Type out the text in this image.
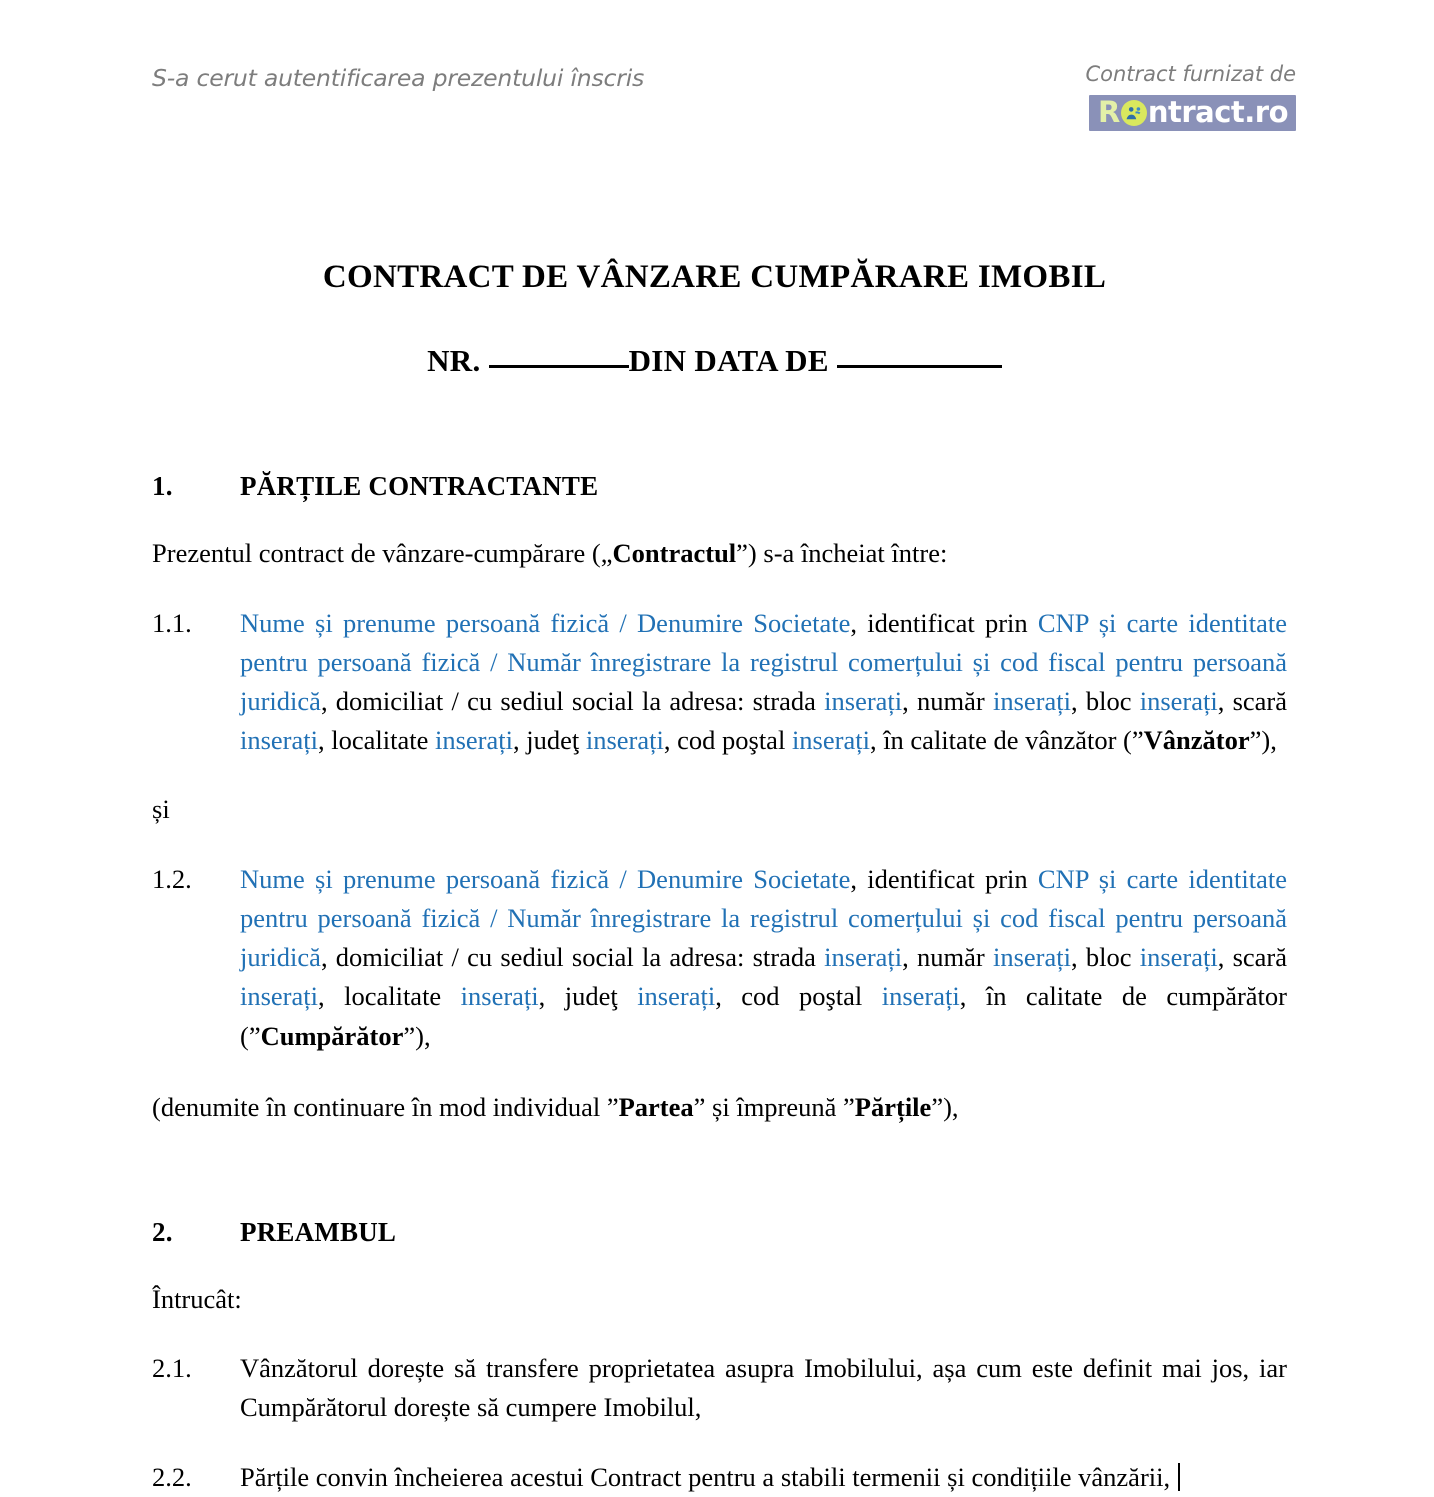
S-a cerut autentificarea prezentului înscris	Contract furnizat de
R ntract.ro
CONTRACT DE VÂNZARE CUMPĂRARE IMOBIL
NR.	DIN DATA DE
1.	PĂRȚILE CONTRACTANTE

Prezentul contract de vânzare-cumpărare („Contractul”) s-a încheiat între:

1.1.	Nume și prenume persoană fizică / Denumire Societate, identificat prin CNP și carte identitate pentru persoană fizică / Număr înregistrare la registrul comerțului și cod fiscal pentru persoană juridică, domiciliat / cu sediul social la adresa: strada inserați, număr inserați, bloc inserați, scară inserați, localitate inserați, judeţ inserați, cod poştal inserați, în calitate de vânzător (”Vânzător”),
și
1.2.	Nume și prenume persoană fizică / Denumire Societate, identificat prin CNP și carte identitate pentru persoană fizică / Număr înregistrare la registrul comerțului și cod fiscal pentru persoană juridică, domiciliat / cu sediul social la adresa: strada inserați, număr inserați, bloc inserați, scară inserați, localitate inserați, judeţ inserați, cod poştal inserați, în calitate de cumpărător (”Cumpărător”),

(denumite în continuare în mod individual ”Partea” și împreună ”Părțile”),

2.	PREAMBUL

Întrucât:

2.1.	Vânzătorul dorește să transfere proprietatea asupra Imobilului, așa cum este definit mai jos, iar Cumpărătorul dorește să cumpere Imobilul,
2.2.	Părțile convin încheierea acestui Contract pentru a stabili termenii și condițiile vânzării,
